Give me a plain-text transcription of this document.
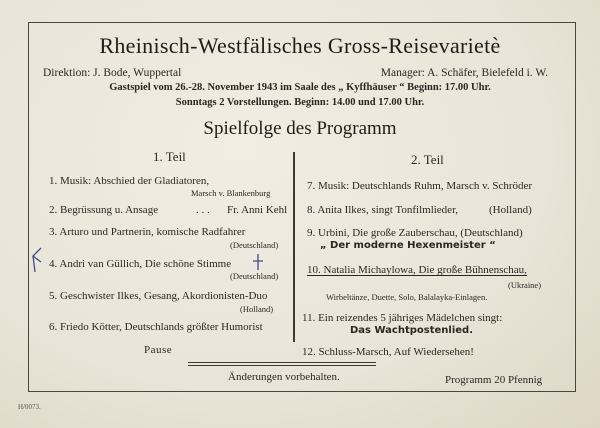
Rheinisch-Westfälisches Gross-Reisevarietè
Direktion: J. Bode, Wuppertal	Manager: A. Schäfer, Bielefeld i. W.
Gastspiel vom 26.-28. November 1943 im Saale des „ Kyffhäuser “ Beginn: 17.00 Uhr.
Sonntags 2 Vorstellungen. Beginn: 14.00 und 17.00 Uhr.
Spielfolge des Programm
1. Teil	2. Teil
1. Musik: Abschied der Gladiatoren,
Marsch v. Blankenburg
2. Begrüssung u. Ansage	. . . Fr. Anni Kehl
3. Arturo und Partnerin, komische Radfahrer
(Deutschland)
4. Andri van Güllich, Die schöne Stimme
(Deutschland)
5. Geschwister Ilkes, Gesang, Akordionisten-Duo
(Holland)
6. Friedo Kötter, Deutschlands größter Humorist
Pause
7. Musik: Deutschlands Ruhm, Marsch v. Schröder
8. Anita Ilkes, singt Tonfilmlieder,	(Holland)
9. Urbini, Die große Zauberschau, (Deutschland)
„ Der moderne Hexenmeister “
10. Natalia Michaylowa, Die große Bühnenschau,
(Ukraine)
Wirbeltänze, Duette, Solo, Balalayka-Einlagen.
11. Ein reizendes 5 jähriges Mädelchen singt:
Das Wachtpostenlied.
12. Schluss-Marsch, Auf Wiedersehen!
Änderungen vorbehalten.	Programm 20 Pfennig
H/0073.
